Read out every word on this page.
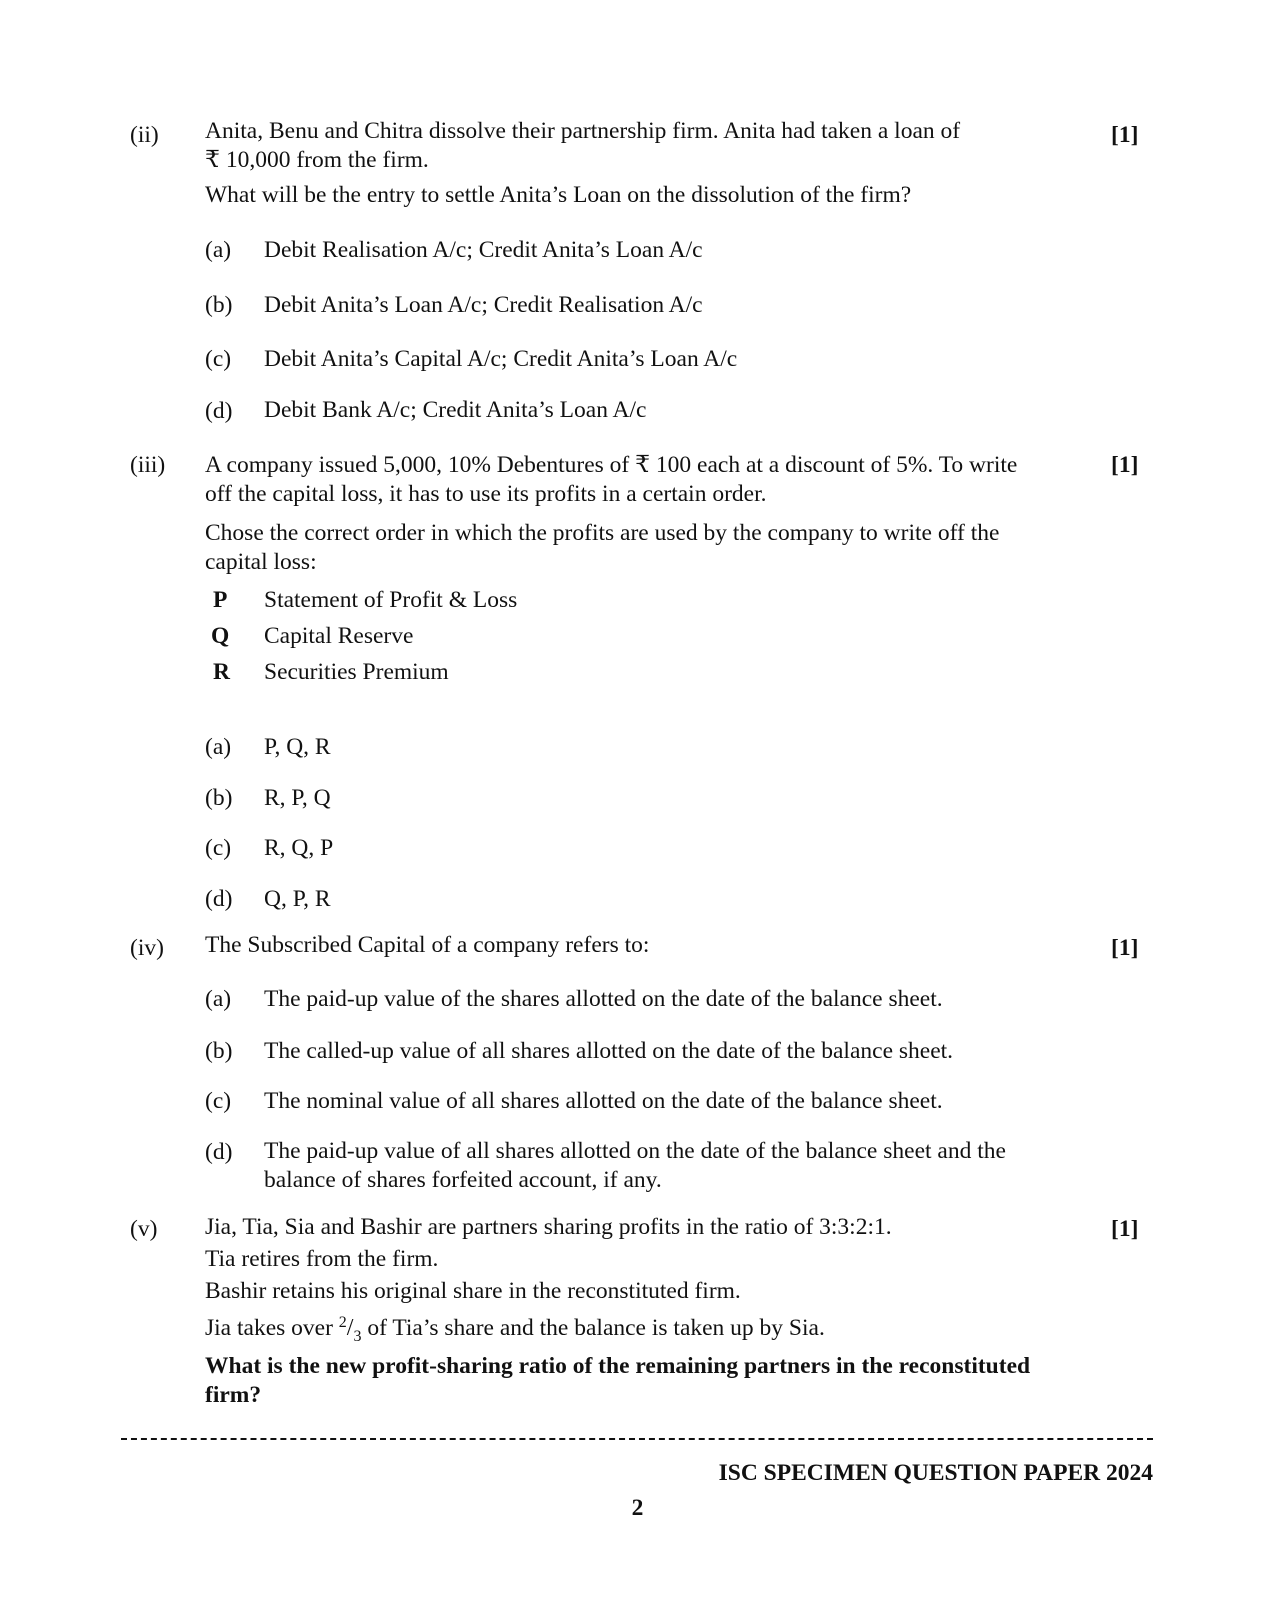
(ii)	[1]
Anita, Benu and Chitra dissolve their partnership firm. Anita had taken a loan of
₹ 10,000 from the firm.
What will be the entry to settle Anita’s Loan on the dissolution of the firm?
(a) Debit Realisation A/c; Credit Anita’s Loan A/c
(b) Debit Anita’s Loan A/c; Credit Realisation A/c
(c) Debit Anita’s Capital A/c; Credit Anita’s Loan A/c
(d) Debit Bank A/c; Credit Anita’s Loan A/c
(iii)	[1]
A company issued 5,000, 10% Debentures of ₹ 100 each at a discount of 5%. To write
off the capital loss, it has to use its profits in a certain order.
Chose the correct order in which the profits are used by the company to write off the
capital loss:
P Statement of Profit & Loss
Q Capital Reserve
R Securities Premium
(a) P, Q, R
(b) R, P, Q
(c) R, Q, P
(d) Q, P, R
(iv)	[1]
The Subscribed Capital of a company refers to:
(a) The paid-up value of the shares allotted on the date of the balance sheet.
(b) The called-up value of all shares allotted on the date of the balance sheet.
(c) The nominal value of all shares allotted on the date of the balance sheet.
(d) The paid-up value of all shares allotted on the date of the balance sheet and the
balance of shares forfeited account, if any.
(v)	[1]
Jia, Tia, Sia and Bashir are partners sharing profits in the ratio of 3:3:2:1.
Tia retires from the firm.
Bashir retains his original share in the reconstituted firm.
Jia takes over $^2/_3$ of Tia’s share and the balance is taken up by Sia.
What is the new profit-sharing ratio of the remaining partners in the reconstituted
firm?
ISC SPECIMEN QUESTION PAPER 2024
2
